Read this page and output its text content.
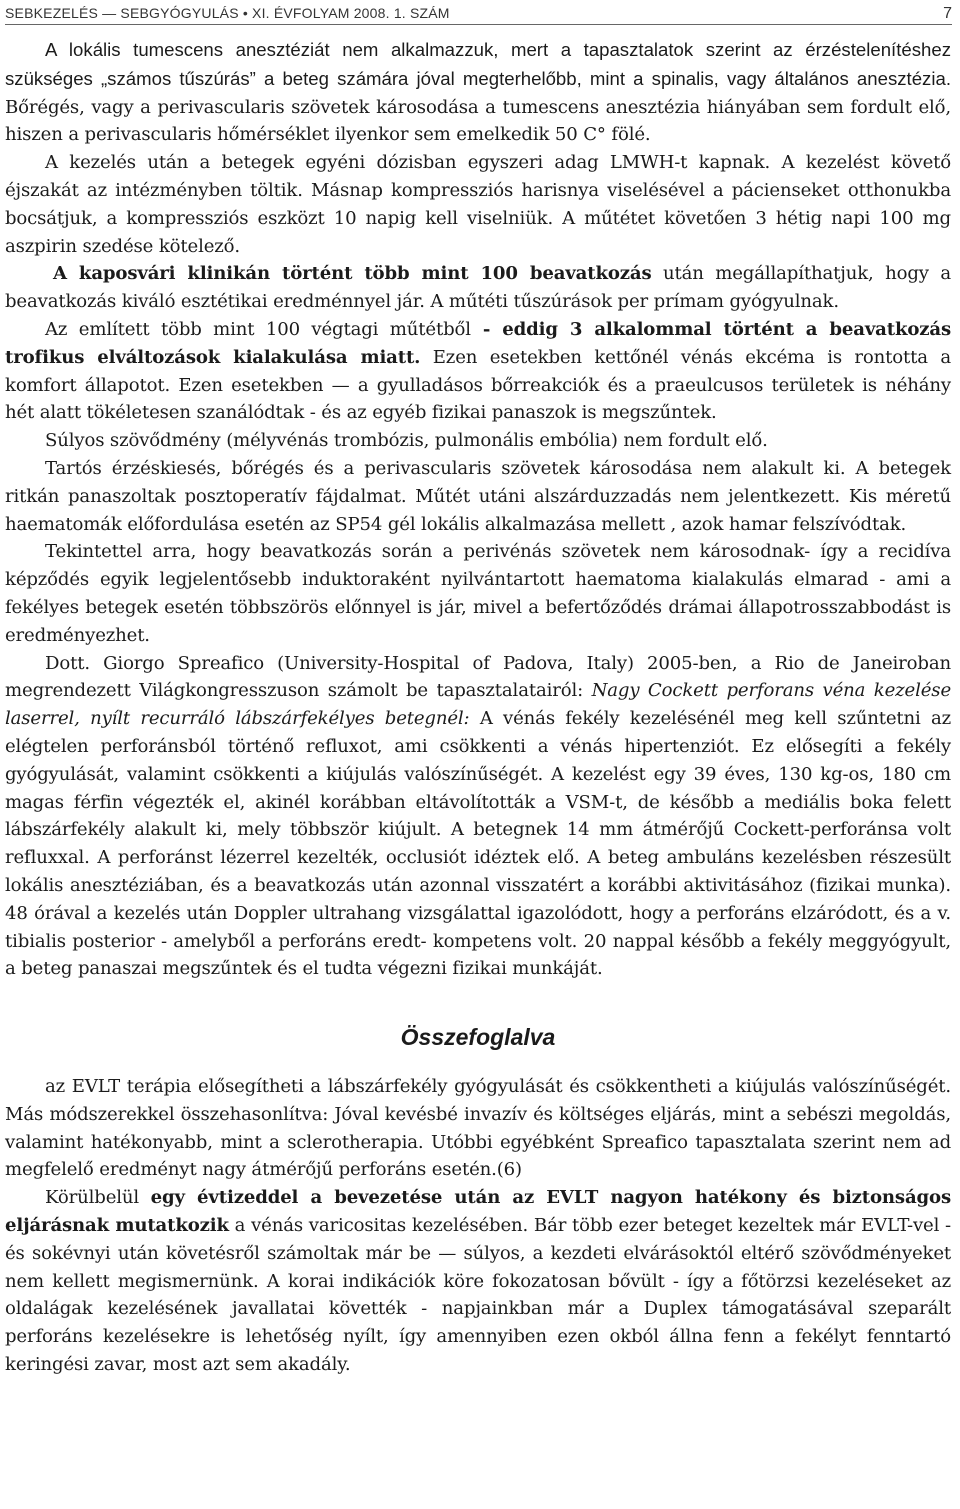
SEBKEZELÉS — SEBGYÓGYULÁS • XI. ÉVFOLYAM 2008. 1. SZÁM	7

A lokális tumescens anesztéziát nem alkalmazzuk, mert a tapasztalatok szerint az érzéstelenítéshez szükséges „számos tűszúrás” a beteg számára jóval megterhelőbb, mint a spinalis, vagy általános anesztézia. Bőrégés, vagy a perivascularis szövetek károsodása a tumescens anesztézia hiányában sem fordult elő, hiszen a perivascularis hőmérséklet ilyenkor sem emelkedik 50 C° fölé.

A kezelés után a betegek egyéni dózisban egyszeri adag LMWH-t kapnak. A kezelést követő éjszakát az intézményben töltik. Másnap kompressziós harisnya viselésével a pácienseket otthonukba bocsátjuk, a kompressziós eszközt 10 napig kell viselniük. A műtétet követően 3 hétig napi 100 mg aszpirin szedése kötelező.

A kaposvári klinikán történt több mint 100 beavatkozás után megállapíthatjuk, hogy a beavatkozás kiváló esztétikai eredménnyel jár. A műtéti tűszúrások per prímam gyógyulnak.

Az említett több mint 100 végtagi műtétből - eddig 3 alkalommal történt a beavatkozás trofikus elváltozások kialakulása miatt. Ezen esetekben kettőnél vénás ekcéma is rontotta a komfort állapotot. Ezen esetekben — a gyulladásos bőrreakciók és a praeulcusos területek is néhány hét alatt tökéletesen szanálódtak - és az egyéb fizikai panaszok is megszűntek.

Súlyos szövődmény (mélyvénás trombózis, pulmonális embólia) nem fordult elő.

Tartós érzéskiesés, bőrégés és a perivascularis szövetek károsodása nem alakult ki. A betegek ritkán panaszoltak posztoperatív fájdalmat. Műtét utáni alszárduzzadás nem jelentkezett. Kis méretű haematomák előfordulása esetén az SP54 gél lokális alkalmazása mellett , azok hamar felszívódtak.

Tekintettel arra, hogy beavatkozás során a perivénás szövetek nem károsodnak- így a recidíva képződés egyik legjelentősebb induktoraként nyilvántartott haematoma kialakulás elmarad - ami a fekélyes betegek esetén többszörös előnnyel is jár, mivel a befertőződés drámai állapotrosszabbodást is eredményezhet.

Dott. Giorgo Spreafico (University-Hospital of Padova, Italy) 2005-ben, a Rio de Janeiroban megrendezett Világkongresszuson számolt be tapasztalatairól: Nagy Cockett perforans véna kezelése laserrel, nyílt recurráló lábszárfekélyes betegnél: A vénás fekély kezelésénél meg kell szűntetni az elégtelen perforánsból történő refluxot, ami csökkenti a vénás hipertenziót. Ez elősegíti a fekély gyógyulását, valamint csökkenti a kiújulás valószínűségét. A kezelést egy 39 éves, 130 kg-os, 180 cm magas férfin végezték el, akinél korábban eltávolították a VSM-t, de később a mediális boka felett lábszárfekély alakult ki, mely többször kiújult. A betegnek 14 mm átmérőjű Cockett-perforánsa volt refluxxal. A perforánst lézerrel kezelték, occlusiót idéztek elő. A beteg ambuláns kezelésben részesült lokális anesztéziában, és a beavatkozás után azonnal visszatért a korábbi aktivitásához (fizikai munka). 48 órával a kezelés után Doppler ultrahang vizsgálattal igazolódott, hogy a perforáns elzáródott, és a v. tibialis posterior - amelyből a perforáns eredt- kompetens volt. 20 nappal később a fekély meggyógyult, a beteg panaszai megszűntek és el tudta végezni fizikai munkáját.

Összefoglalva

az EVLT terápia elősegítheti a lábszárfekély gyógyulását és csökkentheti a kiújulás valószínűségét. Más módszerekkel összehasonlítva: Jóval kevésbé invazív és költséges eljárás, mint a sebészi megoldás, valamint hatékonyabb, mint a sclerotherapia. Utóbbi egyébként Spreafico tapasztalata szerint nem ad megfelelő eredményt nagy átmérőjű perforáns esetén.(6)

Körülbelül egy évtizeddel a bevezetése után az EVLT nagyon hatékony és biztonságos eljárásnak mutatkozik a vénás varicositas kezelésében. Bár több ezer beteget kezeltek már EVLT-vel - és sokévnyi után követésről számoltak már be — súlyos, a kezdeti elvárásoktól eltérő szövődményeket nem kellett megismernünk. A korai indikációk köre fokozatosan bővült - így a főtörzsi kezeléseket az oldalágak kezelésének javallatai követték - napjainkban már a Duplex támogatásával szeparált perforáns kezelésekre is lehetőség nyílt, így amennyiben ezen okból állna fenn a fekélyt fenntartó keringési zavar, most azt sem akadály.
